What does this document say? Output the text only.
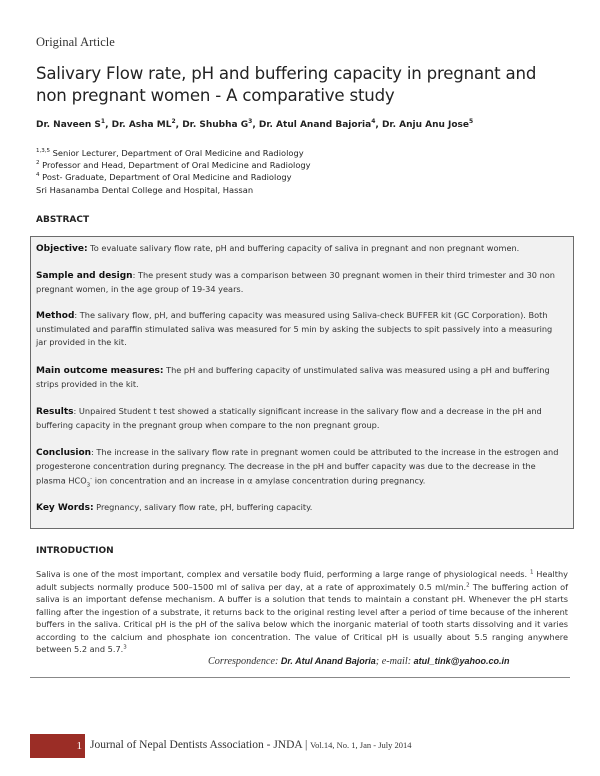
Original Article
Salivary Flow rate, pH and buffering capacity in pregnant and
non pregnant women - A comparative study
Dr. Naveen $S^1$, Dr. Asha $ML^2$, Dr. Shubha $G^3$, Dr. Atul Anand Bajoria$^4$, Dr. Anju Anu Jose$^5$
$^{1,3,5}$ Senior Lecturer, Department of Oral Medicine and Radiology
$^2$ Professor and Head, Department of Oral Medicine and Radiology
$^4$ Post- Graduate, Department of Oral Medicine and Radiology
Sri Hasanamba Dental College and Hospital, Hassan
ABSTRACT
Objective: To evaluate salivary flow rate, pH and buffering capacity of saliva in pregnant and non pregnant women.
Sample and design: The present study was a comparison between 30 pregnant women in their third trimester and 30 non pregnant women, in the age group of 19-34 years.
Method: The salivary flow, pH, and buffering capacity was measured using Saliva-check BUFFER kit (GC Corporation). Both unstimulated and paraffin stimulated saliva was measured for 5 min by asking the subjects to spit passively into a measuring jar provided in the kit.
Main outcome measures: The pH and buffering capacity of unstimulated saliva was measured using a pH and buffering strips provided in the kit.
Results: Unpaired Student t test showed a statically significant increase in the salivary flow and a decrease in the pH and buffering capacity in the pregnant group when compare to the non pregnant group.
Conclusion: The increase in the salivary flow rate in pregnant women could be attributed to the increase in the estrogen and progesterone concentration during pregnancy. The decrease in the pH and buffer capacity was due to the decrease in the plasma $HCO_3^-$ ion concentration and an increase in α amylase concentration during pregnancy.
Key Words: Pregnancy, salivary flow rate, pH, buffering capacity.
INTRODUCTION
Saliva is one of the most important, complex and versatile body fluid, performing a large range of physiological needs. $^1$ Healthy adult subjects normally produce 500–1500 ml of saliva per day, at a rate of approximately 0.5 ml/min.$^2$ The buffering action of saliva is an important defense mechanism. A buffer is a solution that tends to maintain a constant pH. Whenever the pH starts falling after the ingestion of a substrate, it returns back to the original resting level after a period of time because of the inherent buffers in the saliva. Critical pH is the pH of the saliva below which the inorganic material of tooth starts dissolving and it varies according to the calcium and phosphate ion concentration. The value of Critical pH is usually about 5.5 ranging anywhere between 5.2 and 5.7.$^3$
Correspondence: Dr. Atul Anand Bajoria; e-mail: atul_tink@yahoo.co.in
1 Journal of Nepal Dentists Association - JNDA | Vol.14, No. 1, Jan - July 2014
